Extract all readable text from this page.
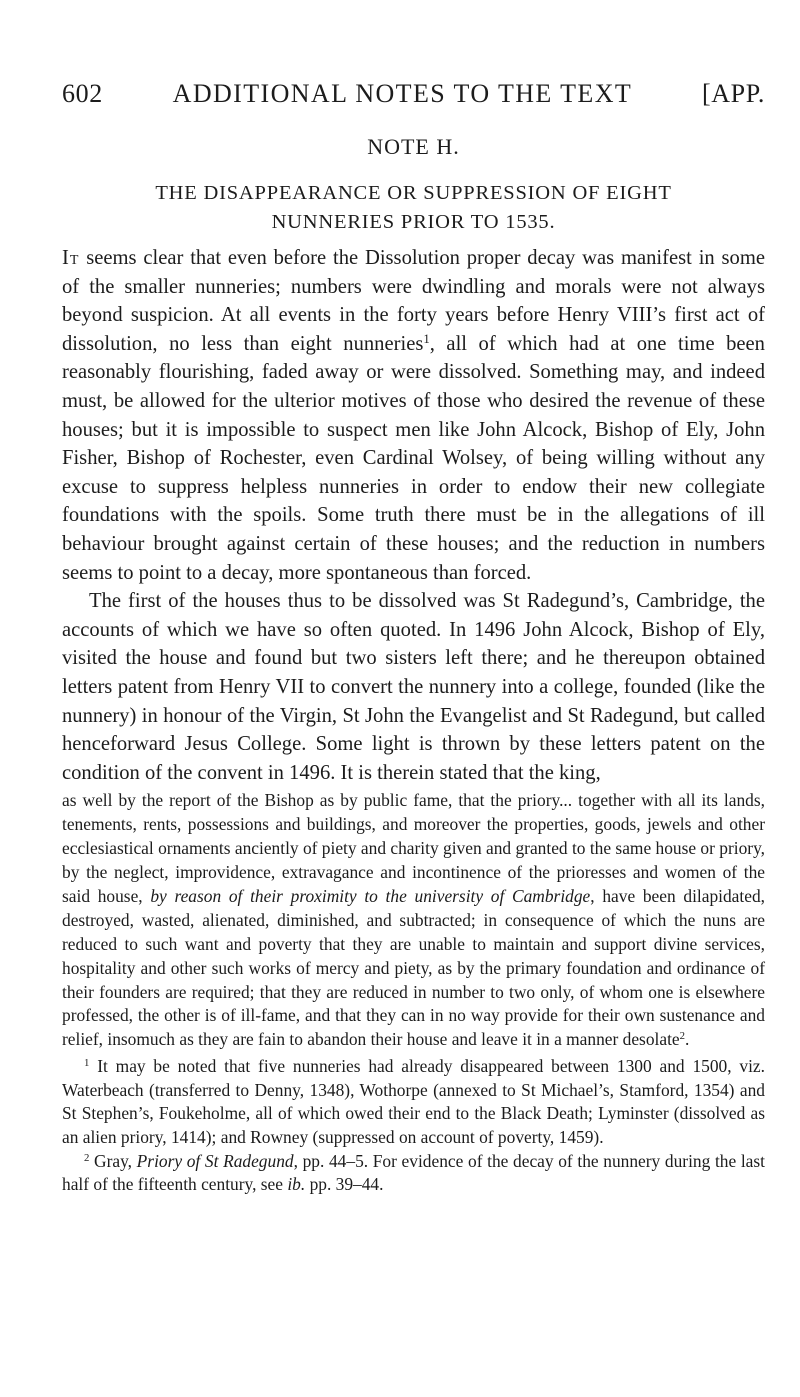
602	ADDITIONAL NOTES TO THE TEXT	[APP.
NOTE H.
THE DISAPPEARANCE OR SUPPRESSION OF EIGHT
NUNNERIES PRIOR TO 1535.

It seems clear that even before the Dissolution proper decay was manifest in some of the smaller nunneries; numbers were dwindling and morals were not always beyond suspicion. At all events in the forty years before Henry VIII’s first act of dissolution, no less than eight nunneries$^1$, all of which had at one time been reasonably flourishing, faded away or were dissolved. Something may, and indeed must, be allowed for the ulterior motives of those who desired the revenue of these houses; but it is impossible to suspect men like John Alcock, Bishop of Ely, John Fisher, Bishop of Rochester, even Cardinal Wolsey, of being willing without any excuse to suppress helpless nunneries in order to endow their new collegiate foundations with the spoils. Some truth there must be in the allegations of ill behaviour brought against certain of these houses; and the reduction in numbers seems to point to a decay, more spontaneous than forced.

The first of the houses thus to be dissolved was St Radegund’s, Cambridge, the accounts of which we have so often quoted. In 1496 John Alcock, Bishop of Ely, visited the house and found but two sisters left there; and he thereupon obtained letters patent from Henry VII to convert the nunnery into a college, founded (like the nunnery) in honour of the Virgin, St John the Evangelist and St Radegund, but called henceforward Jesus College. Some light is thrown by these letters patent on the condition of the convent in 1496. It is therein stated that the king,

as well by the report of the Bishop as by public fame, that the priory... together with all its lands, tenements, rents, possessions and buildings, and moreover the properties, goods, jewels and other ecclesiastical ornaments anciently of piety and charity given and granted to the same house or priory, by the neglect, improvidence, extravagance and incontinence of the prioresses and women of the said house, by reason of their proximity to the university of Cambridge, have been dilapidated, destroyed, wasted, alienated, diminished, and subtracted; in consequence of which the nuns are reduced to such want and poverty that they are unable to maintain and support divine services, hospitality and other such works of mercy and piety, as by the primary foundation and ordinance of their founders are required; that they are reduced in number to two only, of whom one is elsewhere professed, the other is of ill-fame, and that they can in no way provide for their own sustenance and relief, insomuch as they are fain to abandon their house and leave it in a manner desolate$^2$.

$^1$ It may be noted that five nunneries had already disappeared between 1300 and 1500, viz. Waterbeach (transferred to Denny, 1348), Wothorpe (annexed to St Michael’s, Stamford, 1354) and St Stephen’s, Foukeholme, all of which owed their end to the Black Death; Lyminster (dissolved as an alien priory, 1414); and Rowney (suppressed on account of poverty, 1459).

$^2$ Gray, Priory of St Radegund, pp. 44–5. For evidence of the decay of the nunnery during the last half of the fifteenth century, see ib. pp. 39–44.
